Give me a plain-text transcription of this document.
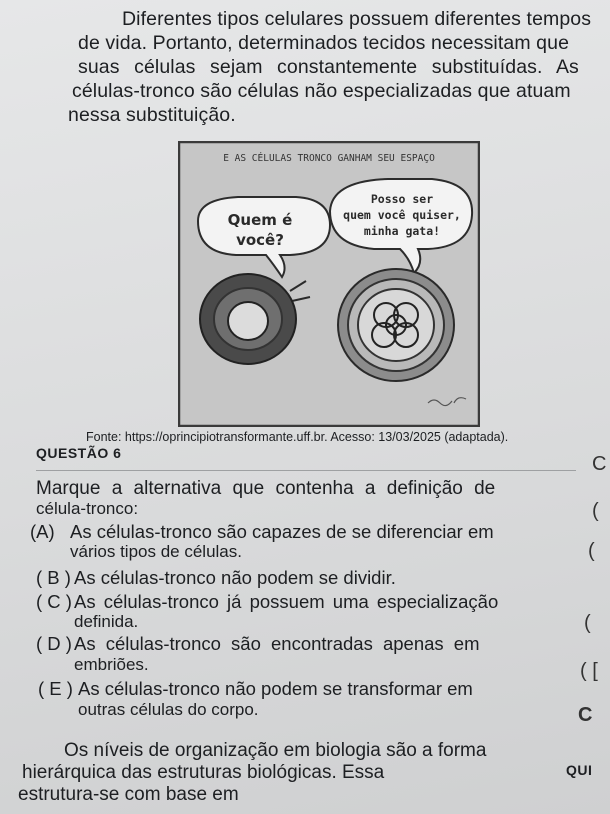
Diferentes tipos celulares possuem diferentes tempos
de vida. Portanto, determinados tecidos necessitam que
suas células sejam constantemente substituídas. As
células-tronco são células não especializadas que atuam
nessa substituição.
E AS CÉLULAS TRONCO GANHAM SEU ESPAÇO
Quem é
você?
Posso ser
quem você quiser,
minha gata!
Fonte: https://oprincipiotransformante.uff.br. Acesso: 13/03/2025 (adaptada).
QUESTÃO 6
Marque a alternativa que contenha a definição de
célula-tronco:
(A) As células-tronco são capazes de se diferenciar em
vários tipos de células.
( B ) As células-tronco não podem se dividir.
( C ) As células-tronco já possuem uma especialização
definida.
( D ) As células-tronco são encontradas apenas em
embriões.
( E ) As células-tronco não podem se transformar em
outras células do corpo.
Os níveis de organização em biologia são a forma
hierárquica das estruturas biológicas. Essa
estrutura-se com base em
QUI
C
(
(
(
( [
C
